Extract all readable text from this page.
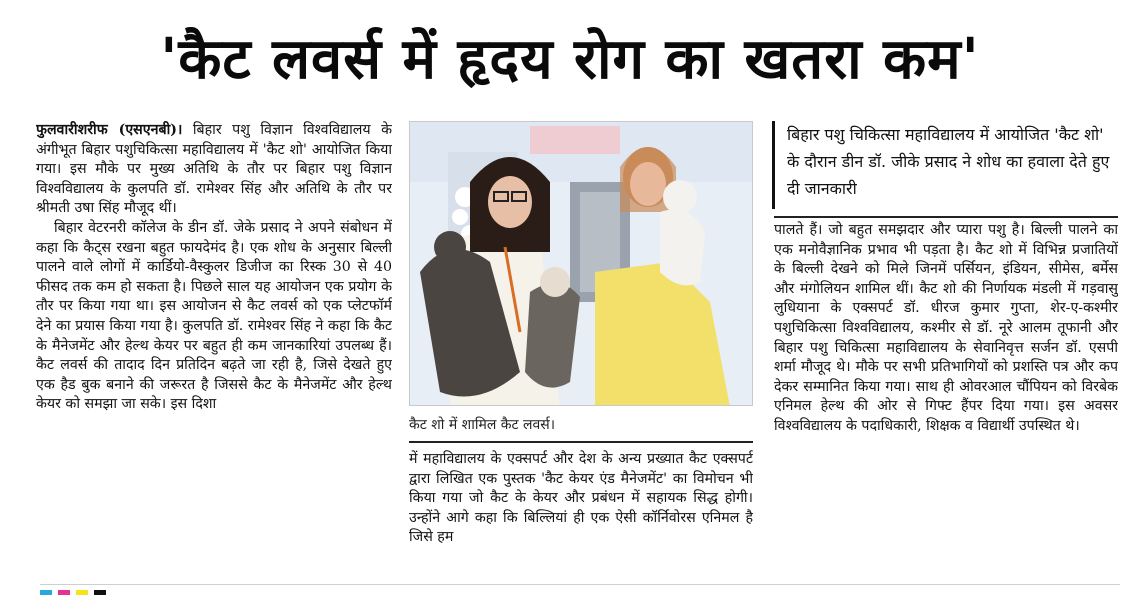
'कैट लवर्स में हृदय रोग का खतरा कम'

फुलवारीशरीफ (एसएनबी)। बिहार पशु विज्ञान विश्वविद्यालय के अंगीभूत बिहार पशुचिकित्सा महाविद्यालय में 'कैट शो' आयोजित किया गया। इस मौके पर मुख्य अतिथि के तौर पर बिहार पशु विज्ञान विश्वविद्यालय के कुलपति डॉ. रामेश्वर सिंह और अतिथि के तौर पर श्रीमती उषा सिंह मौजूद थीं।

बिहार वेटरनरी कॉलेज के डीन डॉ. जेके प्रसाद ने अपने संबोधन में कहा कि कैट्स रखना बहुत फायदेमंद है। एक शोध के अनुसार बिल्ली पालने वाले लोगों में कार्डियो-वैस्कुलर डिजीज का रिस्क 30 से 40 फीसद तक कम हो सकता है। पिछले साल यह आयोजन एक प्रयोग के तौर पर किया गया था। इस आयोजन से कैट लवर्स को एक प्लेटफॉर्म देने का प्रयास किया गया है। कुलपति डॉ. रामेश्वर सिंह ने कहा कि कैट के मैनेजमेंट और हेल्थ केयर पर बहुत ही कम जानकारियां उपलब्ध हैं। कैट लवर्स की तादाद दिन प्रतिदिन बढ़ते जा रही है, जिसे देखते हुए एक हैड बुक बनाने की जरूरत है जिससे कैट के मैनेजमेंट और हेल्थ केयर को समझा जा सके। इस दिशा

कैट शो में शामिल कैट लवर्स।

में महाविद्यालय के एक्सपर्ट और देश के अन्य प्रख्यात कैट एक्सपर्ट द्वारा लिखित एक पुस्तक 'कैट केयर एंड मैनेजमेंट' का विमोचन भी किया गया जो कैट के केयर और प्रबंधन में सहायक सिद्ध होगी। उन्होंने आगे कहा कि बिल्लियां ही एक ऐसी कॉर्निवोरस एनिमल है जिसे हम

बिहार पशु चिकित्सा महाविद्यालय में आयोजित 'कैट शो' के दौरान डीन डॉ. जीके प्रसाद ने शोध का हवाला देते हुए दी जानकारी

पालते हैं। जो बहुत समझदार और प्यारा पशु है। बिल्ली पालने का एक मनोवैज्ञानिक प्रभाव भी पड़ता है। कैट शो में विभिन्न प्रजातियों के बिल्ली देखने को मिले जिनमें पर्सियन, इंडियन, सीमेस, बर्मेस और मंगोलियन शामिल थीं। कैट शो की निर्णायक मंडली में गड़वासु लुधियाना के एक्सपर्ट डॉ. धीरज कुमार गुप्ता, शेर-ए-कश्मीर पशुचिकित्सा विश्वविद्यालय, कश्मीर से डॉ. नूरे आलम तूफानी और बिहार पशु चिकित्सा महाविद्यालय के सेवानिवृत्त सर्जन डॉ. एसपी शर्मा मौजूद थे। मौके पर सभी प्रतिभागियों को प्रशस्ति पत्र और कप देकर सम्मानित किया गया। साथ ही ओवरआल चौंपियन को विरबेक एनिमल हेल्थ की ओर से गिफ्ट हैंपर दिया गया। इस अवसर विश्वविद्यालय के पदाधिकारी, शिक्षक व विद्यार्थी उपस्थित थे।
